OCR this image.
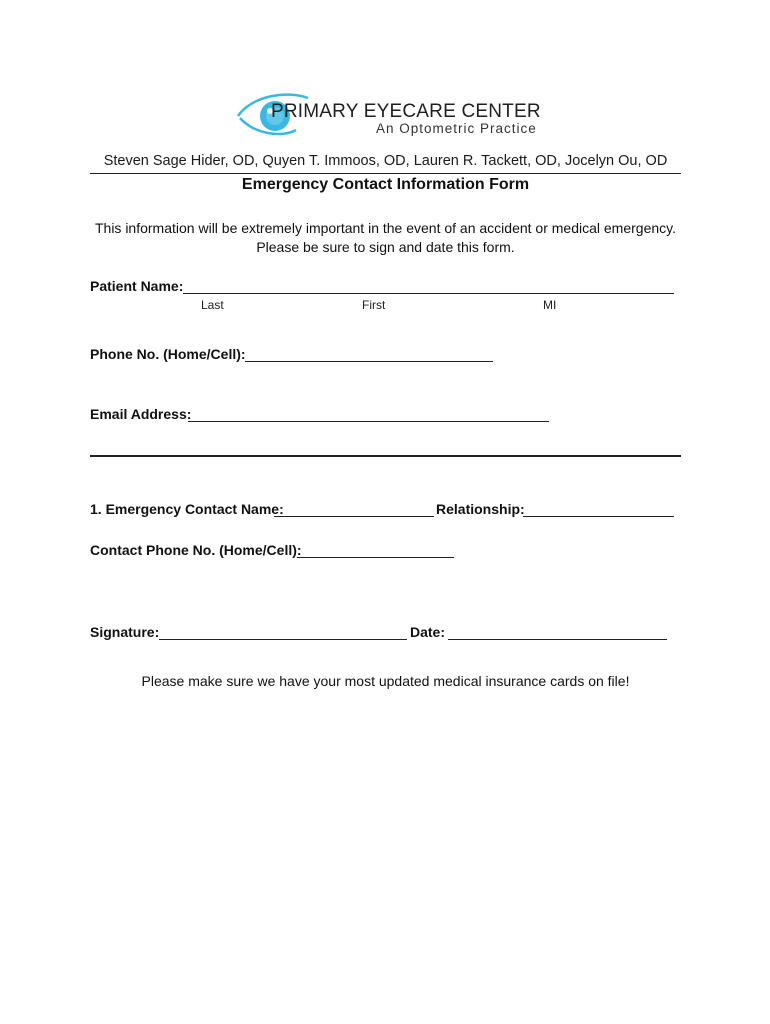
PRIMARY EYECARE CENTER
An Optometric Practice
Steven Sage Hider, OD, Quyen T. Immoos, OD, Lauren R. Tackett, OD, Jocelyn Ou, OD
Emergency Contact Information Form
This information will be extremely important in the event of an accident or medical emergency.
Please be sure to sign and date this form.
Patient Name:
Last	First	MI
Phone No. (Home/Cell):
Email Address:
1. Emergency Contact Name:	Relationship:
Contact Phone No. (Home/Cell):
Signature:	Date:
Please make sure we have your most updated medical insurance cards on file!
